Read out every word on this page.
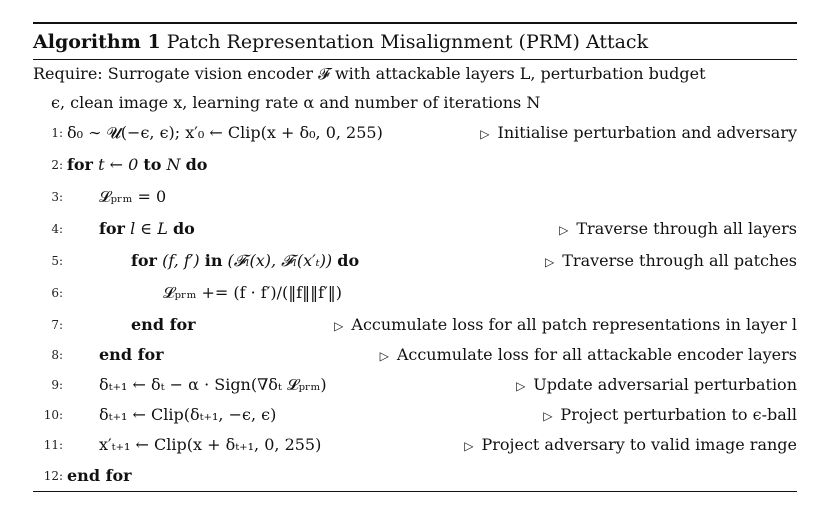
Algorithm 1 Patch Representation Misalignment (PRM) Attack
Require: Surrogate vision encoder 𝓕 with attackable layers L, perturbation budget
ϵ, clean image x, learning rate α and number of iterations N
1: δ₀ ∼ 𝓤(−ϵ, ϵ); x′₀ ← Clip(x + δ₀, 0, 255)	▷ Initialise perturbation and adversary
2: for t ← 0 to N do
3: 𝓛ₚᵣₘ = 0
4: for l ∈ L do	▷ Traverse through all layers
5:	for (f, f′) in (𝓕ₗ(x), 𝓕ₗ(x′ₜ)) do	▷ Traverse through all patches
6:	𝓛ₚᵣₘ += (f · f′)/(‖f‖‖f′‖)
7:	end for	▷ Accumulate loss for all patch representations in layer l
8: end for	▷ Accumulate loss for all attackable encoder layers
9: δₜ₊₁ ← δₜ − α · Sign(∇δₜ 𝓛ₚᵣₘ)	▷ Update adversarial perturbation
10: δₜ₊₁ ← Clip(δₜ₊₁, −ϵ, ϵ)	▷ Project perturbation to ϵ-ball
11: x′ₜ₊₁ ← Clip(x + δₜ₊₁, 0, 255)	▷ Project adversary to valid image range
12: end for
